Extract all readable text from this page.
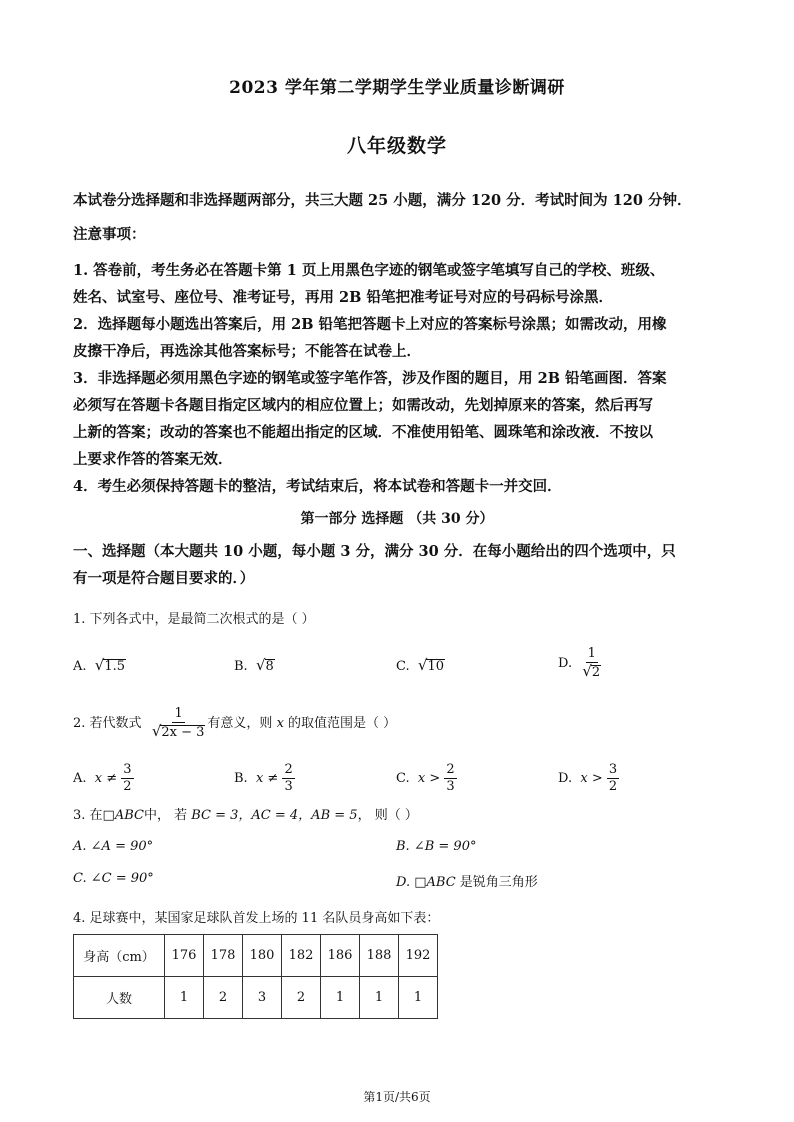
2023 学年第二学期学生学业质量诊断调研
八年级数学
本试卷分选择题和非选择题两部分，共三大题 25 小题，满分 120 分．考试时间为 120 分钟．
注意事项：
1. 答卷前，考生务必在答题卡第 1 页上用黑色字迹的钢笔或签字笔填写自己的学校、班级、
姓名、试室号、座位号、准考证号，再用 2B 铅笔把准考证号对应的号码标号涂黑．
2．选择题每小题选出答案后，用 2B 铅笔把答题卡上对应的答案标号涂黑；如需改动，用橡
皮擦干净后，再选涂其他答案标号；不能答在试卷上．
3．非选择题必须用黑色字迹的钢笔或签字笔作答，涉及作图的题目，用 2B 铅笔画图．答案
必须写在答题卡各题目指定区域内的相应位置上；如需改动，先划掉原来的答案，然后再写
上新的答案；改动的答案也不能超出指定的区域．不准使用铅笔、圆珠笔和涂改液．不按以
上要求作答的答案无效．
4．考生必须保持答题卡的整洁，考试结束后，将本试卷和答题卡一并交回．
第一部分 选择题 （共 30 分）
一、选择题（本大题共 10 小题，每小题 3 分，满分 30 分．在每小题给出的四个选项中，只
有一项是符合题目要求的．）
1. 下列各式中，是最简二次根式的是（ ）
A. √1.5	B. √8	C. √10	D. $\frac{1}{√2}$
2. 若代数式
$\frac{1}{√2x - 3}$ 有意义，则
x
的取值范围是（ ）
A.
x ≠
$\frac{3}{2}$	B.
x ≠
$\frac{2}{3}$	C.
x >
$\frac{2}{3}$	D.
x >
$\frac{3}{2}$
3. 在□ABC中， 若 BC = 3，AC = 4，AB = 5， 则（ ）
A. ∠A = 90°	B. ∠B = 90°
C. ∠C = 90°	D. □ABC 是锐角三角形
4. 足球赛中，某国家足球队首发上场的 11 名队员身高如下表：
身高（cm）	176	178	180	182	186	188	192
人数	1	2	3	2	1	1	1
第1页/共6页
